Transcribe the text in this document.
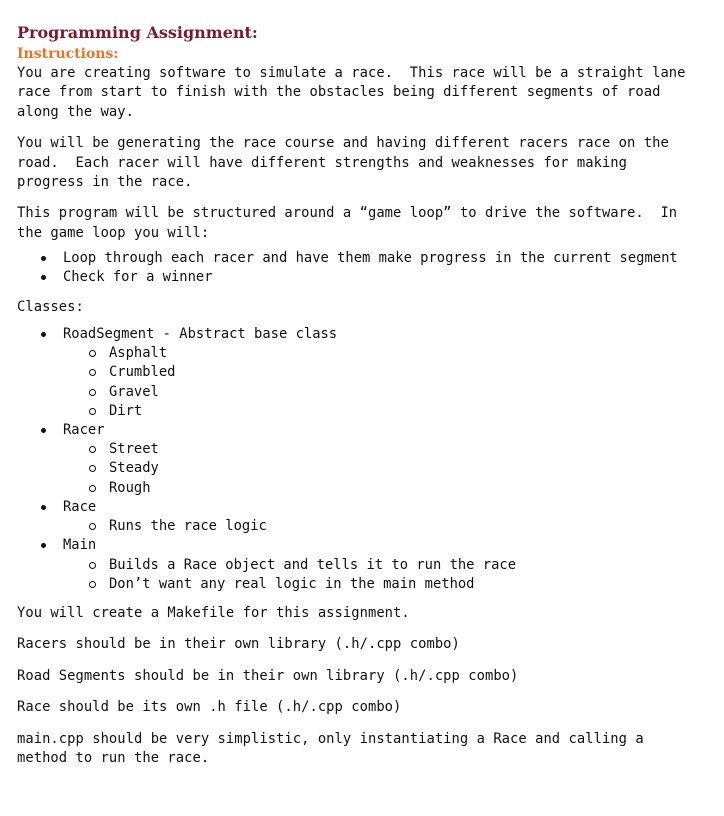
Programming Assignment:
Instructions:

You are creating software to simulate a race.  This race will be a straight lane
race from start to finish with the obstacles being different segments of road
along the way.

You will be generating the race course and having different racers race on the
road.  Each racer will have different strengths and weaknesses for making
progress in the race.

This program will be structured around a “game loop” to drive the software.  In
the game loop you will:

Loop through each racer and have them make progress in the current segment
Check for a winner

Classes:

RoadSegment - Abstract base class
Asphalt
Crumbled
Gravel
Dirt
Racer
Street
Steady
Rough
Race
Runs the race logic
Main
Builds a Race object and tells it to run the race
Don’t want any real logic in the main method

You will create a Makefile for this assignment.

Racers should be in their own library (.h/.cpp combo)

Road Segments should be in their own library (.h/.cpp combo)

Race should be its own .h file (.h/.cpp combo)

main.cpp should be very simplistic, only instantiating a Race and calling a
method to run the race.
